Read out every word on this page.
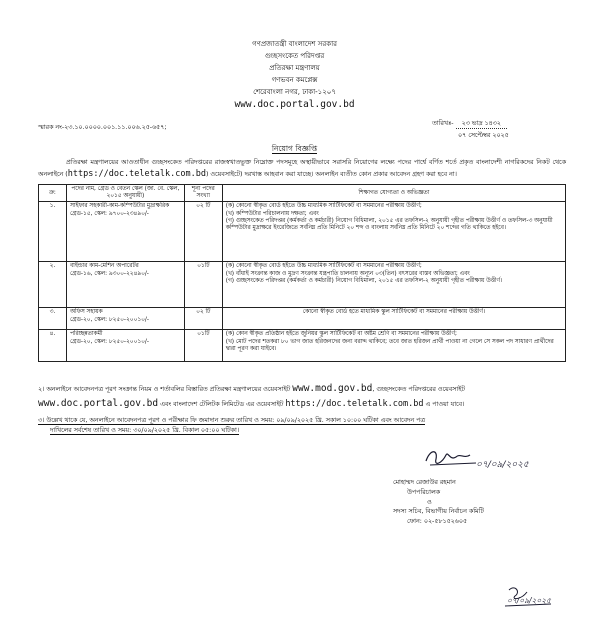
গণপ্রজাতন্ত্রী বাংলাদেশ সরকার
গুচ্ছসংকেত পরিদপ্তর
প্রতিরক্ষা মন্ত্রণালয়
গণভবন কমপ্লেক্স
শেরেবাংলা নগর, ঢাকা-১২০৭
www.doc.portal.gov.bd
স্মারক নং-২৩.১০.০০০০.০০১.১১.০০৬.২৫-৬৫৭;
তারিখঃ- ২৩ ভাদ্র ১৪৩২
০৭ সেপ্টেম্বর ২০২৫
নিয়োগ বিজ্ঞপ্তি
প্রতিরক্ষা মন্ত্রণালয়ের আওতাধীন গুচ্ছসংকেত পরিদপ্তরের রাজস্বখাতভুক্ত নিম্নোক্ত পদসমূহে অস্থায়ীভাবে সরাসরি নিয়োগের লক্ষ্যে পদের পার্শ্বে বর্ণিত শর্তে প্রকৃত বাংলাদেশী নাগরিকদের নিকট থেকে অনলাইনে (https://doc.teletalk.com.bd) ওয়েবসাইটে) দরখাস্ত আহবান করা যাচ্ছে। অনলাইন ব্যতীত কোন প্রকার আবেদন গ্রহণ করা হবে না।
ক্র:	পদের নাম, গ্রেড ও বেতন স্কেল (জা. বে. স্কেল, ২০১৫ অনুযায়ী)	শূন্য পদের সংখ্যা	শিক্ষাগত যোগ্যতা ও অভিজ্ঞতা
১.	সাইফার সহকারী-কাম-কম্পিউটার মুদ্রাক্ষরিক
গ্রেড-১৫, স্কেল: ৯৭০০-২৩৪৯০/-	০২ টি	(ক) কোনো স্বীকৃত বোর্ড হইতে উচ্চ মাধ্যমিক সার্টিফিকেট বা সমমানের পরীক্ষায় উত্তীর্ণ;
(খ) কম্পিউটার পরিচালনায় দক্ষতা; এবং
(গ) গুচ্ছসংকেত পরিদপ্তর (কর্মকর্তা ও কর্মচারী) নিয়োগ বিধিমালা, ২০১৫ এর তফসিল-২ অনুযায়ী গৃহীত পরীক্ষায় উত্তীর্ণ ও তফসিল-৩ অনুযায়ী কম্পিউটার মুদ্রাক্ষরে ইংরেজিতে সর্বনিম্ন প্রতি মিনিটে ২০ শব্দ ও বাংলায় সর্বনিম্ন প্রতি মিনিটে ২০ শব্দের গতি থাকিতে হইবে।

২.	বাইন্ডার কাম-মেশিন অপারেটর
গ্রেড-১৬, স্কেল: ৯৩০০-২২৪৯০/-	০১টি	(ক) কোনো স্বীকৃত বোর্ড হইতে উচ্চ মাধ্যমিক সার্টিফিকেট বা সমমানের পরীক্ষায় উত্তীর্ণ;
(খ) বাঁধাই সংক্রান্ত কাজ ও মুদ্রণ সংক্রান্ত যন্ত্রপাতি চালনায় অন্যূন ০৩(তিন) বৎসরের বাস্তব অভিজ্ঞতা; এবং
(গ) গুচ্ছসংকেত পরিদপ্তর (কর্মকর্তা ও কর্মচারী) নিয়োগ বিধিমালা, ২০১৫ এর তফসিল-২ অনুযায়ী গৃহীত পরীক্ষায় উত্তীর্ণ।

৩.	অফিস সহায়ক
গ্রেড-২০, স্কেল: ৮২৫০-২০০১০/-	০২ টি	কোনো স্বীকৃত বোর্ড হতে মাধ্যমিক স্কুল সার্টিফিকেট বা সমমানের পরীক্ষায় উত্তীর্ণ।

৪.	পরিচ্ছন্নতাকর্মী
গ্রেড-২০, স্কেল: ৮২৫০-২০০১০/-	০১টি	(ক) কোন স্বীকৃত প্রতিষ্ঠান হইতে জুনিয়র স্কুল সার্টিফিকেট বা অষ্টম শ্রেণি বা সমমানের পরীক্ষায় উত্তীর্ণ;
(খ) মোট পদের শতকরা ৮০ ভাগ জাত হরিজনদের জন্য বরাদ্দ থাকিবে; তবে জাত হরিজন প্রার্থী পাওয়া না গেলে সে সকল পদ সাধারণ প্রার্থীদের দ্বারা পূরণ করা যাইবে।
২। অনলাইনে আবেদনপত্র পূরণ সংক্রান্ত নিয়ম ও শর্তাবলির বিস্তারিত প্রতিরক্ষা মন্ত্রণালয়ের ওয়েবসাইট www.mod.gov.bd, গুচ্ছসংকেত পরিদপ্তরের ওয়েবসাইট www.doc.portal.gov.bd এবং বাংলাদেশ টেলিটক লিমিটেড এর ওয়েবসাইট https://doc.teletalk.com.bd এ পাওয়া যাবে।
৩। উল্লেখ থাকে যে, অনলাইনে আবেদনপত্র পূরণ ও পরীক্ষার ফি জমাদান শুরুর তারিখ ও সময়: ০৯/০৯/২০২৫ খ্রি. সকাল ১০:০০ ঘটিকা এবং আবেদন পত্র
দাখিলের সর্বশেষ তারিখ ও সময়: ৩০/০৯/২০২৫ খ্রি. বিকাল ০৫:০০ ঘটিকা।
০৭/০৯/২০২৫
মোহাম্মদ রেজাউর রহমান
উপপরিচালক
ও
সদস্য সচিব, বিভাগীয় নির্বাচন কমিটি
ফোন: ০২-৫৮১৫২৬০৫
০৭/০৯/২০২৫
